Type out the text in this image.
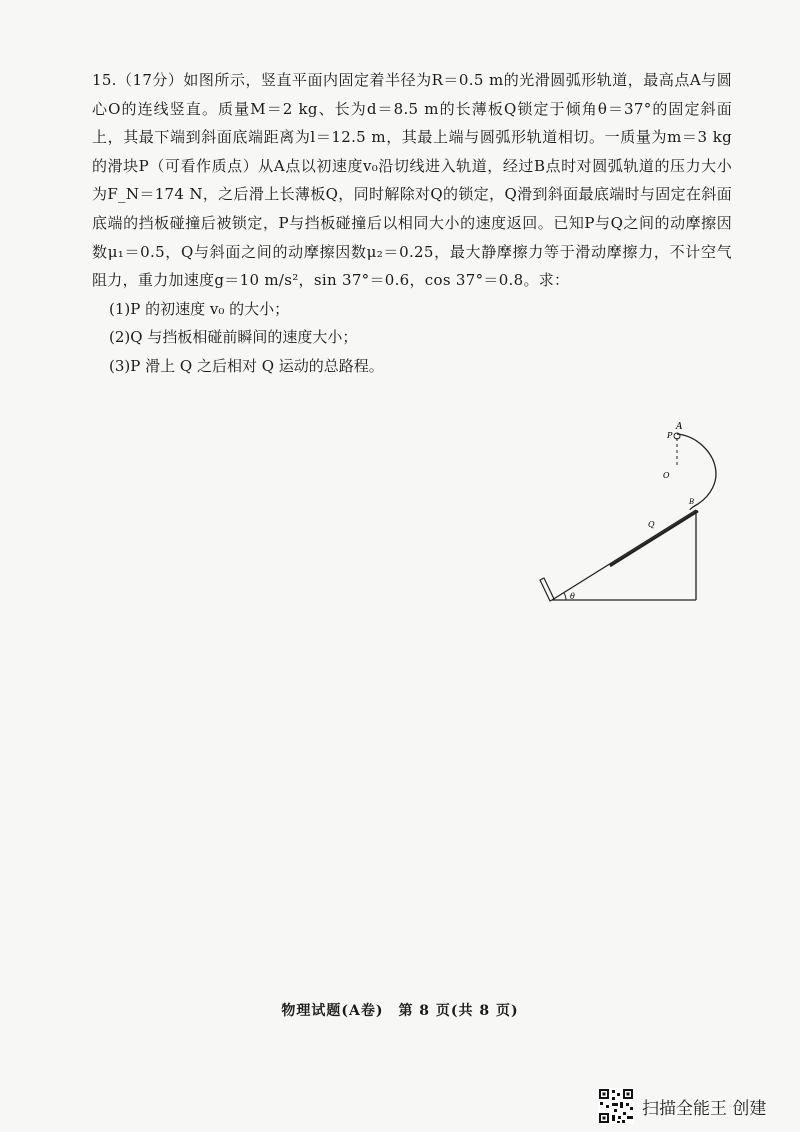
15.（17分）如图所示，竖直平面内固定着半径为R＝0.5 m的光滑圆弧形轨道，最高点A与圆心O的连线竖直。质量M＝2 kg、长为d＝8.5 m的长薄板Q锁定于倾角θ＝37°的固定斜面上，其最下端到斜面底端距离为l＝12.5 m，其最上端与圆弧形轨道相切。一质量为m＝3 kg的滑块P（可看作质点）从A点以初速度v₀沿切线进入轨道，经过B点时对圆弧轨道的压力大小为F_N＝174 N，之后滑上长薄板Q，同时解除对Q的锁定，Q滑到斜面最底端时与固定在斜面底端的挡板碰撞后被锁定，P与挡板碰撞后以相同大小的速度返回。已知P与Q之间的动摩擦因数μ₁＝0.5，Q与斜面之间的动摩擦因数μ₂＝0.25，最大静摩擦力等于滑动摩擦力，不计空气阻力，重力加速度g＝10 m/s²，sin 37°＝0.6，cos 37°＝0.8。求：

(1)P 的初速度 v₀ 的大小；

(2)Q 与挡板相碰前瞬间的速度大小；

(3)P 滑上 Q 之后相对 Q 运动的总路程。

A
P
O
B
Q
θ
物理试题(A卷)　第 8 页(共 8 页)
扫描全能王 创建
